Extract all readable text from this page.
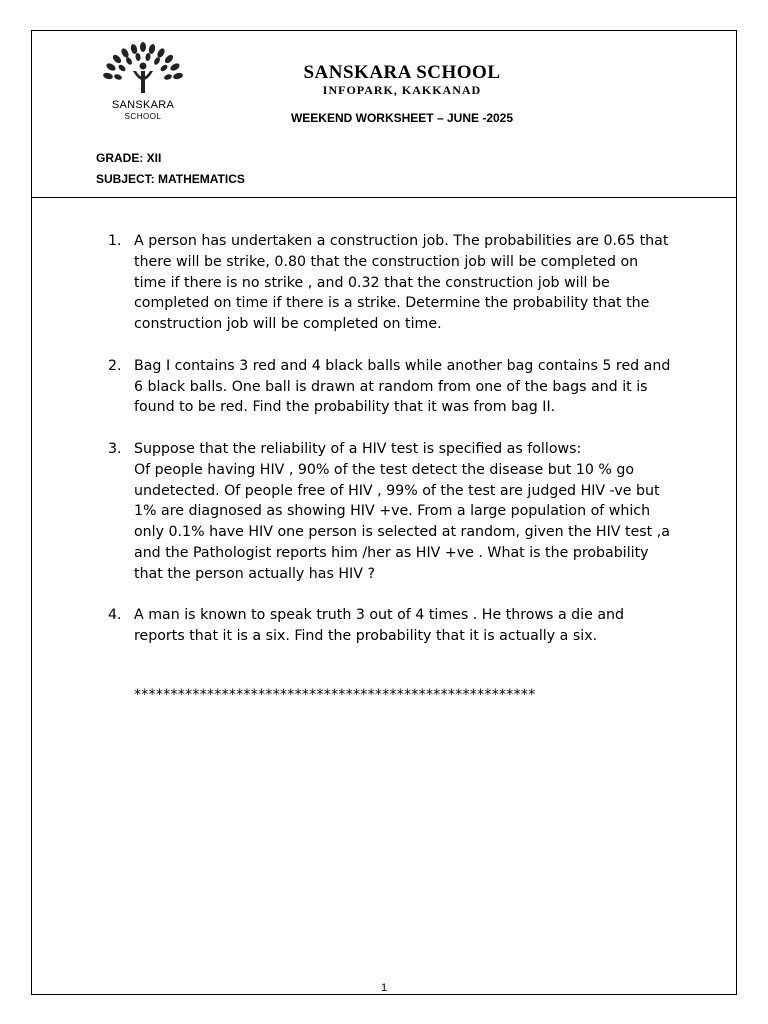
SANSKARA
SCHOOL
SANSKARA SCHOOL
INFOPARK, KAKKANAD
WEEKEND WORKSHEET – JUNE -2025
GRADE: XII
SUBJECT: MATHEMATICS
1. A person has undertaken a construction job. The probabilities are 0.65 that
there will be strike, 0.80 that the construction job will be completed on
time if there is no strike , and 0.32 that the construction job will be
completed on time if there is a strike. Determine the probability that the
construction job will be completed on time.
2. Bag I contains 3 red and 4 black balls while another bag contains 5 red and
6 black balls. One ball is drawn at random from one of the bags and it is
found to be red. Find the probability that it was from bag II.
3. Suppose that the reliability of a HIV test is specified as follows:
Of people having HIV , 90% of the test detect the disease but 10 % go
undetected. Of people free of HIV , 99% of the test are judged HIV -ve but
1% are diagnosed as showing HIV +ve. From a large population of which
only 0.1% have HIV one person is selected at random, given the HIV test ,a
and the Pathologist reports him /her as HIV +ve . What is the probability
that the person actually has HIV ?
4. A man is known to speak truth 3 out of 4 times . He throws a die and
reports that it is a six. Find the probability that it is actually a six.
*******************************************************
1
